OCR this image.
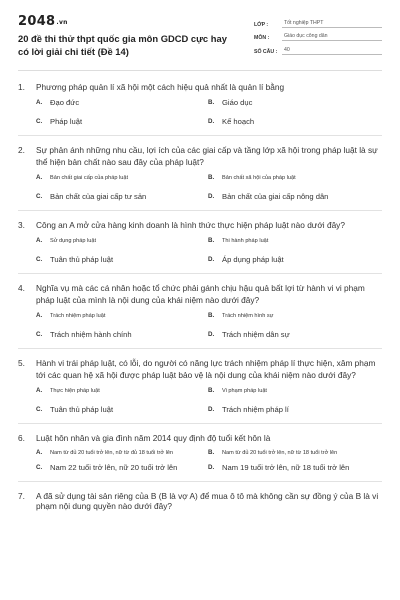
2048.vn
20 đề thi thử thpt quốc gia môn GDCD cực hay có lời giải chi tiết (Đề 14)
LỚP :	Tốt nghiệp THPT
MÔN :	Giáo dục công dân
SỐ CÂU :	40
1.	Phương pháp quản lí xã hội một cách hiệu quả nhất là quản lí bằng
A.	Đạo đức	B.	Giáo dục
C.	Pháp luật	D.	Kế hoạch
2.	Sự phản ánh những nhu cầu, lợi ích của các giai cấp và tầng lớp xã hội trong pháp luật là sự thể hiện bản chất nào sau đây của pháp luật?
A.	Bản chất giai cấp của pháp luật	B.	Bản chất xã hội của pháp luật
C.	Bản chất của giai cấp tư sản	D.	Bản chất của giai cấp nông dân
3.	Công an A mở cửa hàng kinh doanh là hình thức thực hiện pháp luật nào dưới đây?
A.	Sử dụng pháp luật	B.	Thi hành pháp luật
C.	Tuân thủ pháp luật	D.	Áp dụng pháp luật
4.	Nghĩa vụ mà các cá nhân hoặc tổ chức phải gánh chịu hậu quả bất lợi từ hành vi vi phạm pháp luật của mình là nội dung của khái niệm nào dưới đây?
A.	Trách nhiệm pháp luật	B.	Trách nhiệm hình sự
C.	Trách nhiệm hành chính	D.	Trách nhiệm dân sự
5.	Hành vi trái pháp luật, có lỗi, do người có năng lực trách nhiệm pháp lí thực hiện, xâm phạm tới các quan hệ xã hội được pháp luật bảo vệ là nội dung của khái niệm nào dưới đây?
A.	Thực hiện pháp luật	B.	Vi phạm pháp luật
C.	Tuân thủ pháp luật	D.	Trách nhiệm pháp lí
6.	Luật hôn nhân và gia đình năm 2014 quy định độ tuổi kết hôn là
A.	Nam từ đủ 20 tuổi trở lên, nữ từ đủ 18 tuổi trở lên	B.	Nam từ đủ 20 tuổi trở lên, nữ từ 18 tuổi trở lên
C.	Nam 22 tuổi trở lên, nữ 20 tuổi trở lên	D.	Nam 19 tuổi trở lên, nữ 18 tuổi trở lên
7.	A đã sử dụng tài sản riêng của B (B là vợ A) để mua ô tô mà không cần sự đồng ý của B là vi phạm nội dung quyền nào dưới đây?
